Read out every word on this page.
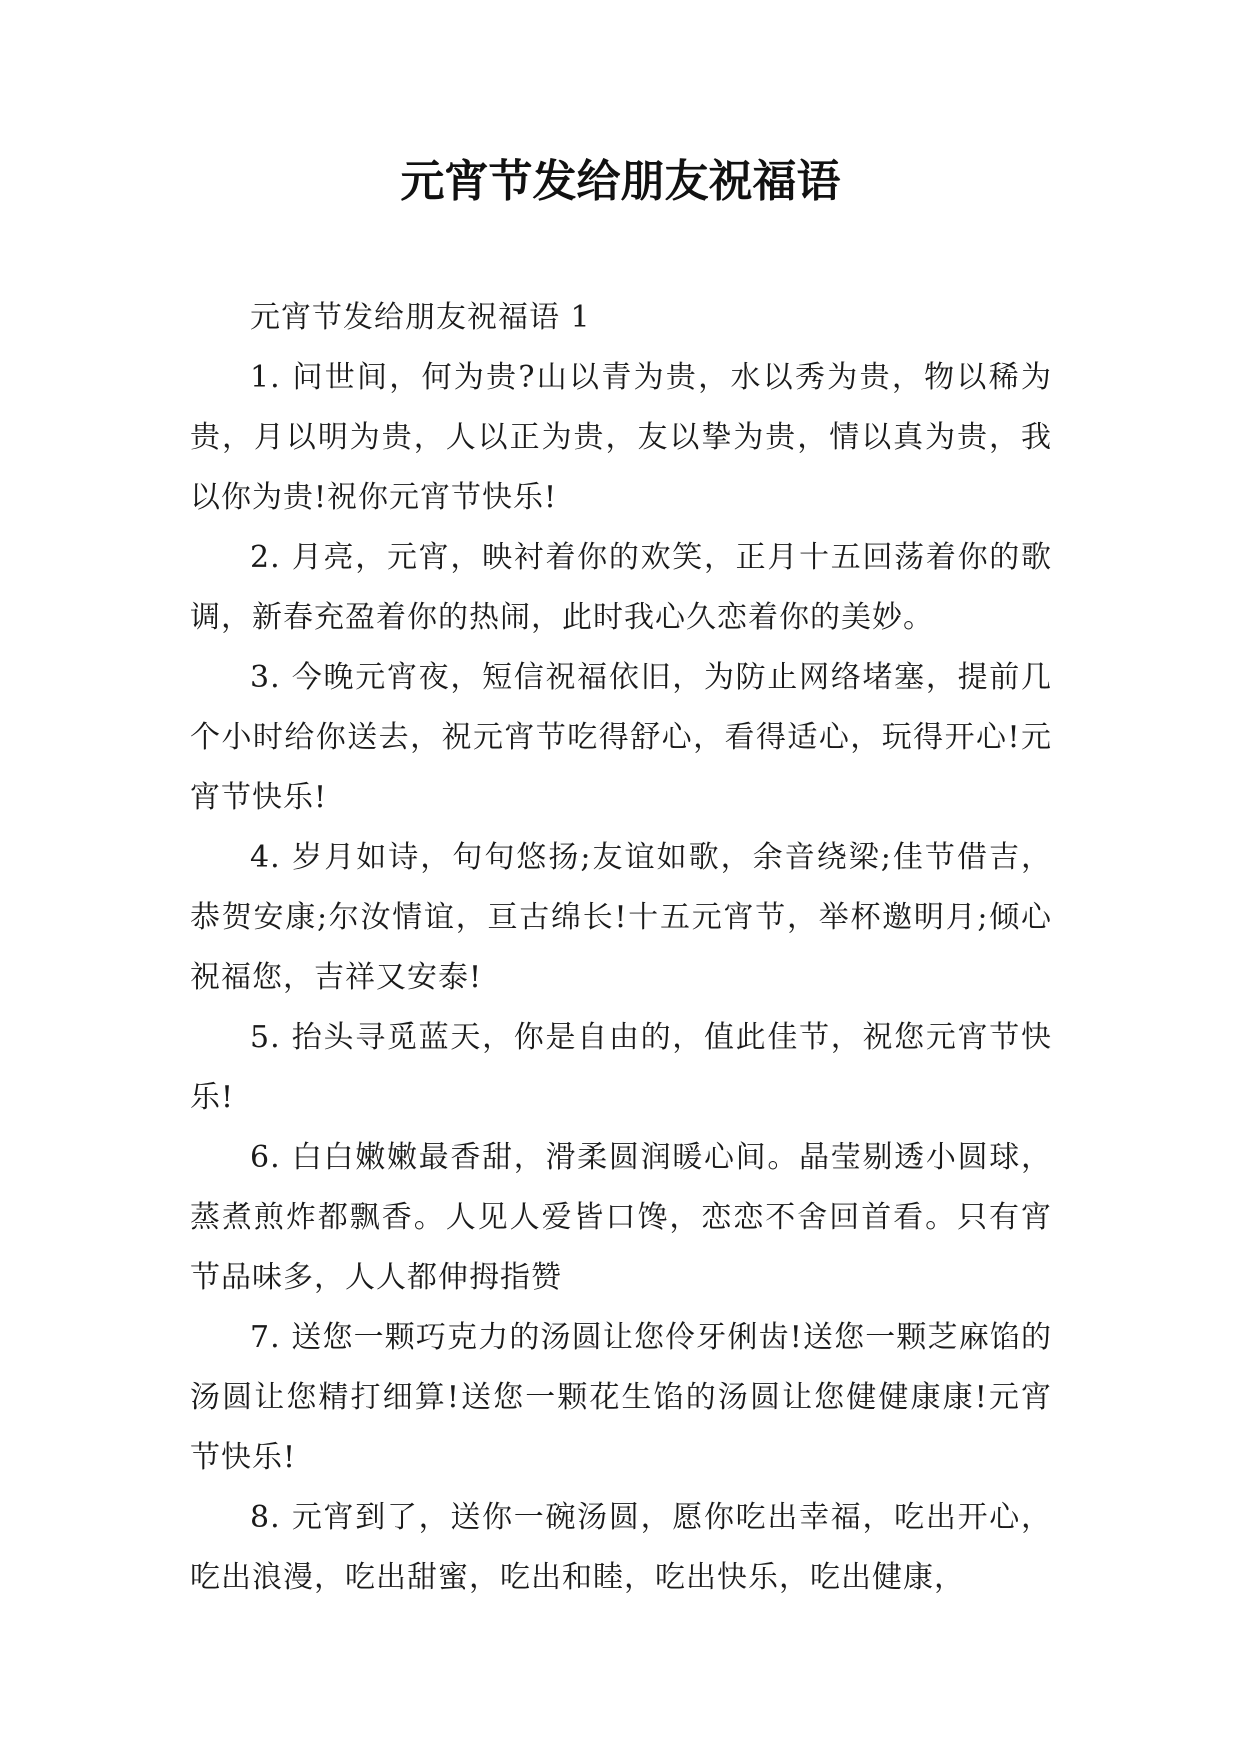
元宵节发给朋友祝福语

元宵节发给朋友祝福语 1

1. 问世间，何为贵?山以青为贵，水以秀为贵，物以稀为贵，月以明为贵，人以正为贵，友以挚为贵，情以真为贵，我以你为贵!祝你元宵节快乐!

2. 月亮，元宵，映衬着你的欢笑，正月十五回荡着你的歌调，新春充盈着你的热闹，此时我心久恋着你的美妙。

3. 今晚元宵夜，短信祝福依旧，为防止网络堵塞，提前几个小时给你送去，祝元宵节吃得舒心，看得适心，玩得开心!元宵节快乐!

4. 岁月如诗，句句悠扬;友谊如歌，余音绕梁;佳节借吉，恭贺安康;尔汝情谊，亘古绵长!十五元宵节，举杯邀明月;倾心祝福您，吉祥又安泰!

5. 抬头寻觅蓝天，你是自由的，值此佳节，祝您元宵节快乐!

6. 白白嫩嫩最香甜，滑柔圆润暖心间。晶莹剔透小圆球，蒸煮煎炸都飘香。人见人爱皆口馋，恋恋不舍回首看。只有宵节品味多，人人都伸拇指赞

7. 送您一颗巧克力的汤圆让您伶牙俐齿!送您一颗芝麻馅的汤圆让您精打细算!送您一颗花生馅的汤圆让您健健康康!元宵节快乐!

8. 元宵到了，送你一碗汤圆，愿你吃出幸福，吃出开心，吃出浪漫，吃出甜蜜，吃出和睦，吃出快乐，吃出健康，
